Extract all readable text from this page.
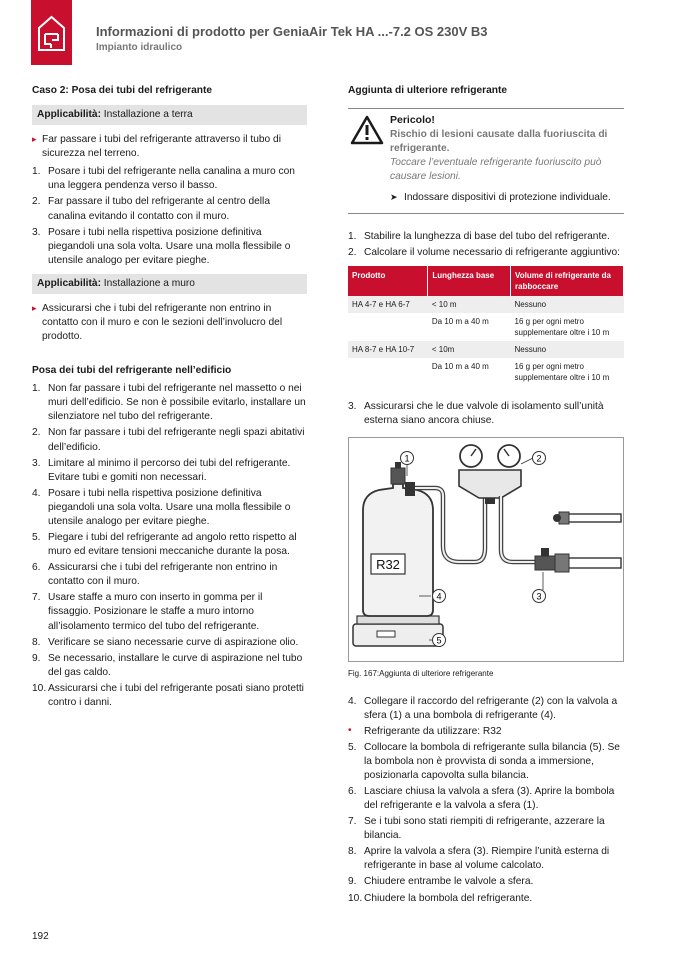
Informazioni di prodotto per GeniaAir Tek HA ...-7.2 OS 230V B3
Impianto idraulico
Caso 2: Posa dei tubi del refrigerante
Applicabilità: Installazione a terra
▸ Far passare i tubi del refrigerante attraverso il tubo di sicurezza nel terreno.
1. Posare i tubi del refrigerante nella canalina a muro con una leggera pendenza verso il basso.
2. Far passare il tubo del refrigerante al centro della canalina evitando il contatto con il muro.
3. Posare i tubi nella rispettiva posizione definitiva piegandoli una sola volta. Usare una molla flessibile o utensile analogo per evitare pieghe.
Applicabilità: Installazione a muro
▸ Assicurarsi che i tubi del refrigerante non entrino in contatto con il muro e con le sezioni dell’involucro del prodotto.
Posa dei tubi del refrigerante nell’edificio
1. Non far passare i tubi del refrigerante nel massetto o nei muri dell’edificio. Se non è possibile evitarlo, installare un silenziatore nel tubo del refrigerante.
2. Non far passare i tubi del refrigerante negli spazi abitativi dell’edificio.
3. Limitare al minimo il percorso dei tubi del refrigerante. Evitare tubi e gomiti non necessari.
4. Posare i tubi nella rispettiva posizione definitiva piegandoli una sola volta. Usare una molla flessibile o utensile analogo per evitare pieghe.
5. Piegare i tubi del refrigerante ad angolo retto rispetto al muro ed evitare tensioni meccaniche durante la posa.
6. Assicurarsi che i tubi del refrigerante non entrino in contatto con il muro.
7. Usare staffe a muro con inserto in gomma per il fissaggio. Posizionare le staffe a muro intorno all’isolamento termico del tubo del refrigerante.
8. Verificare se siano necessarie curve di aspirazione olio.
9. Se necessario, installare le curve di aspirazione nel tubo del gas caldo.
10. Assicurarsi che i tubi del refrigerante posati siano protetti contro i danni.
Aggiunta di ulteriore refrigerante
Pericolo!
Rischio di lesioni causate dalla fuoriuscita di refrigerante.
Toccare l’eventuale refrigerante fuoriuscito può causare lesioni.
➤ Indossare dispositivi di protezione individuale.
1. Stabilire la lunghezza di base del tubo del refrigerante.
2. Calcolare il volume necessario di refrigerante aggiuntivo:
Prodotto	Lunghezza base	Volume di refrigerante da rabboccare
HA 4-7 e HA 6-7	< 10 m	Nessuno
	Da 10 m a 40 m	16 g per ogni metro supplementare oltre i 10 m
HA 8-7 e HA 10-7	< 10m	Nessuno
	Da 10 m a 40 m	16 g per ogni metro supplementare oltre i 10 m
3. Assicurarsi che le due valvole di isolamento sull’unità esterna siano ancora chiuse.
R32
1	2
3
4
5
Fig. 167:Aggiunta di ulteriore refrigerante
4. Collegare il raccordo del refrigerante (2) con la valvola a sfera (1) a una bombola di refrigerante (4).
• Refrigerante da utilizzare: R32
5. Collocare la bombola di refrigerante sulla bilancia (5). Se la bombola non è provvista di sonda a immersione, posizionarla capovolta sulla bilancia.
6. Lasciare chiusa la valvola a sfera (3). Aprire la bombola del refrigerante e la valvola a sfera (1).
7. Se i tubi sono stati riempiti di refrigerante, azzerare la bilancia.
8. Aprire la valvola a sfera (3). Riempire l’unità esterna di refrigerante in base al volume calcolato.
9. Chiudere entrambe le valvole a sfera.
10. Chiudere la bombola del refrigerante.
192
